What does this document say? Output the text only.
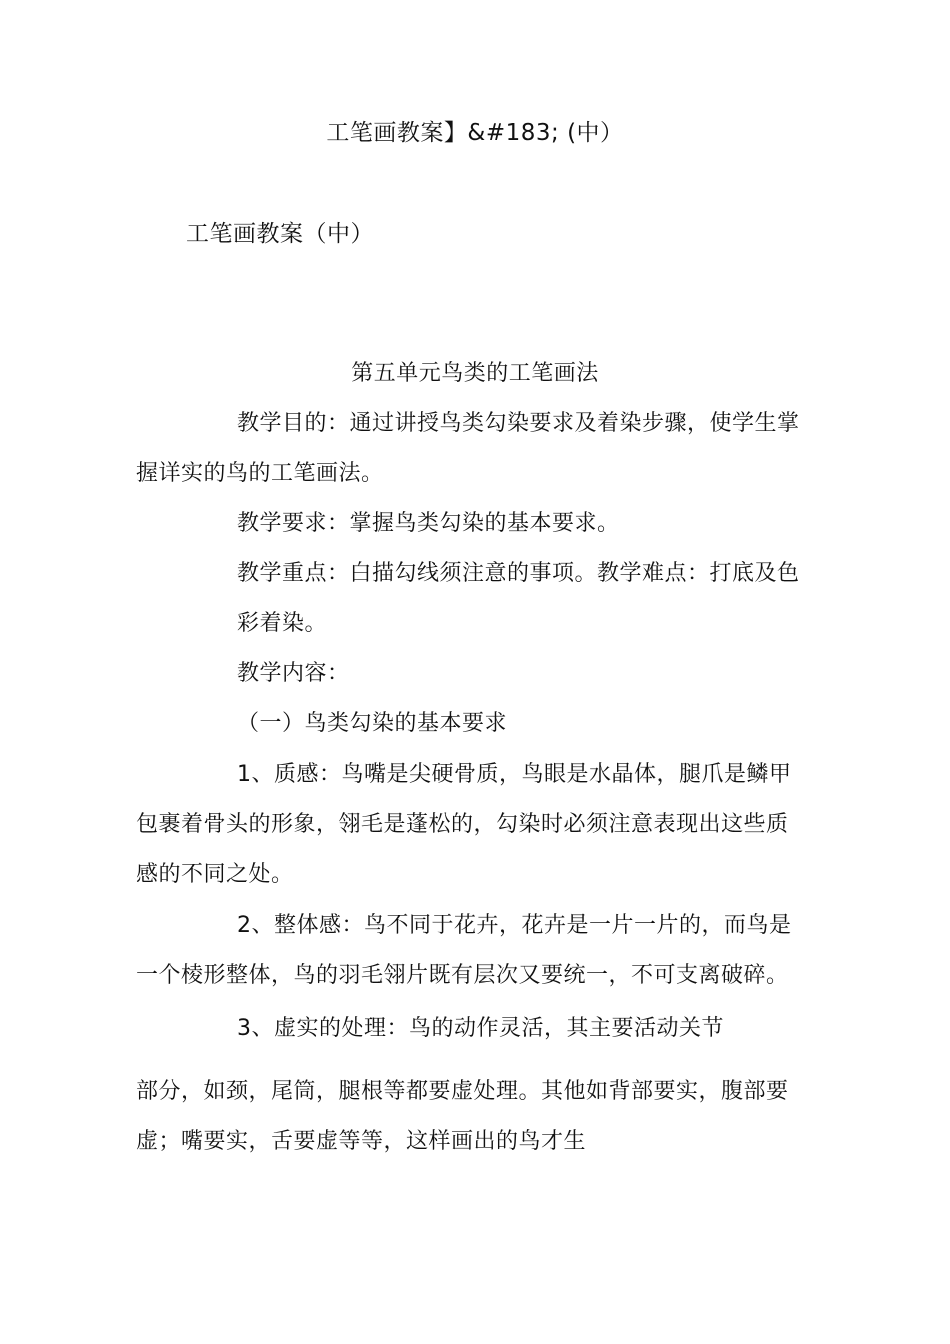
工笔画教案】&#183; (中）
工笔画教案（中）
第五单元鸟类的工笔画法
教学目的：通过讲授鸟类勾染要求及着染步骤，使学生掌
握详实的鸟的工笔画法。
教学要求：掌握鸟类勾染的基本要求。
教学重点：白描勾线须注意的事项。教学难点：打底及色
彩着染。
教学内容：
（一）鸟类勾染的基本要求
1、质感：鸟嘴是尖硬骨质，鸟眼是水晶体，腿爪是鳞甲
包裹着骨头的形象，翎毛是蓬松的，勾染时必须注意表现出这些质
感的不同之处。
2、整体感：鸟不同于花卉，花卉是一片一片的，而鸟是
一个棱形整体，鸟的羽毛翎片既有层次又要统一，不可支离破碎。
3、虚实的处理：鸟的动作灵活，其主要活动关节
部分，如颈，尾筒，腿根等都要虚处理。其他如背部要实，腹部要
虚；嘴要实，舌要虚等等，这样画出的鸟才生
